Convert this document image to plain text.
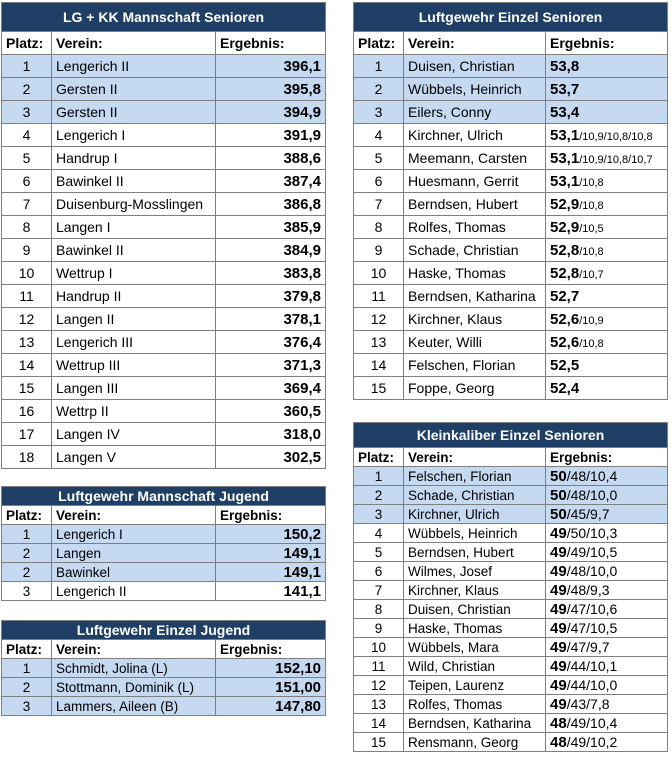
LG + KK Mannschaft Senioren		
Platz:	Verein:	Ergebnis:
1	Lengerich II	396,1
2	Gersten II	395,8
3	Gersten II	394,9
4	Lengerich I	391,9
5	Handrup I	388,6
6	Bawinkel II	387,4
7	Duisenburg-Mosslingen	386,8
8	Langen I	385,9
9	Bawinkel II	384,9
10	Wettrup I	383,8
11	Handrup II	379,8
12	Langen II	378,1
13	Lengerich III	376,4
14	Wettrup III	371,3
15	Langen III	369,4
16	Wettrp II	360,5
17	Langen IV	318,0
18	Langen V	302,5
Luftgewehr Einzel Senioren		
Platz:	Verein:	Ergebnis:
1	Duisen, Christian	53,8
2	Wübbels, Heinrich	53,7
3	Eilers, Conny	53,4
4	Kirchner, Ulrich	53,1/10,9/10,8/10,8
5	Meemann, Carsten	53,1/10,9/10,8/10,7
6	Huesmann, Gerrit	53,1/10,8
7	Berndsen, Hubert	52,9/10,8
8	Rolfes, Thomas	52,9/10,5
9	Schade, Christian	52,8/10,8
10	Haske, Thomas	52,8/10,7
11	Berndsen, Katharina	52,7
12	Kirchner, Klaus	52,6/10,9
13	Keuter, Willi	52,6/10,8
14	Felschen, Florian	52,5
15	Foppe, Georg	52,4
Kleinkaliber Einzel Senioren		
Platz:	Verein:	Ergebnis:
1	Felschen, Florian	50/48/10,4
2	Schade, Christian	50/48/10,0
3	Kirchner, Ulrich	50/45/9,7
4	Wübbels, Heinrich	49/50/10,3
5	Berndsen, Hubert	49/49/10,5
6	Wilmes, Josef	49/48/10,0
7	Kirchner, Klaus	49/48/9,3
8	Duisen, Christian	49/47/10,6
9	Haske, Thomas	49/47/10,5
10	Wübbels, Mara	49/47/9,7
11	Wild, Christian	49/44/10,1
12	Teipen, Laurenz	49/44/10,0
13	Rolfes, Thomas	49/43/7,8
14	Berndsen, Katharina	48/49/10,4
15	Rensmann, Georg	48/49/10,2
Luftgewehr Mannschaft Jugend		
Platz:	Verein:	Ergebnis:
1	Lengerich I	150,2
2	Langen	149,1
2	Bawinkel	149,1
3	Lengerich II	141,1
Luftgewehr Einzel Jugend		
Platz:	Verein:	Ergebnis:
1	Schmidt, Jolina (L)	152,10
2	Stottmann, Dominik (L)	151,00
3	Lammers, Aileen (B)	147,80
